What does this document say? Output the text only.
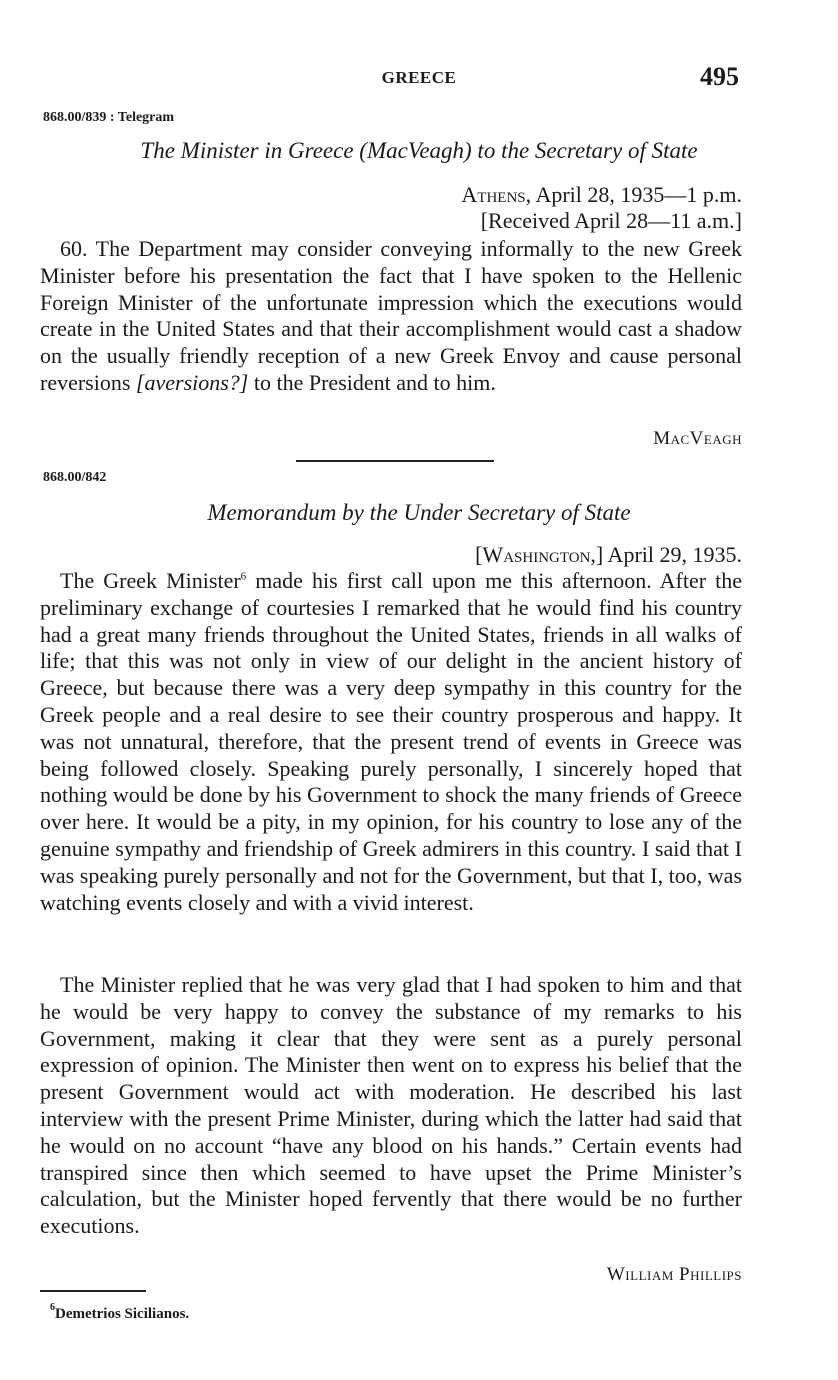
GREECE	495
868.00/839 : Telegram
The Minister in Greece (MacVeagh) to the Secretary of State
Athens, April 28, 1935—1 p.m.
[Received April 28—11 a.m.]

60. The Department may consider conveying informally to the new Greek Minister before his presentation the fact that I have spoken to the Hellenic Foreign Minister of the unfortunate impression which the executions would create in the United States and that their accomplishment would cast a shadow on the usually friendly reception of a new Greek Envoy and cause personal reversions [aversions?] to the President and to him.

MacVeagh
868.00/842
Memorandum by the Under Secretary of State
[Washington,] April 29, 1935.

The Greek Minister$^6$ made his first call upon me this afternoon. After the preliminary exchange of courtesies I remarked that he would find his country had a great many friends throughout the United States, friends in all walks of life; that this was not only in view of our delight in the ancient history of Greece, but because there was a very deep sympathy in this country for the Greek people and a real desire to see their country prosperous and happy. It was not unnatural, therefore, that the present trend of events in Greece was being followed closely. Speaking purely personally, I sincerely hoped that nothing would be done by his Government to shock the many friends of Greece over here. It would be a pity, in my opinion, for his country to lose any of the genuine sympathy and friendship of Greek admirers in this country. I said that I was speaking purely personally and not for the Government, but that I, too, was watching events closely and with a vivid interest.

The Minister replied that he was very glad that I had spoken to him and that he would be very happy to convey the substance of my remarks to his Government, making it clear that they were sent as a purely personal expression of opinion. The Minister then went on to express his belief that the present Government would act with moderation. He described his last interview with the present Prime Minister, during which the latter had said that he would on no account “have any blood on his hands.” Certain events had transpired since then which seemed to have upset the Prime Minister’s calculation, but the Minister hoped fervently that there would be no further executions.

William Phillips
$^6$Demetrios Sicilianos.
